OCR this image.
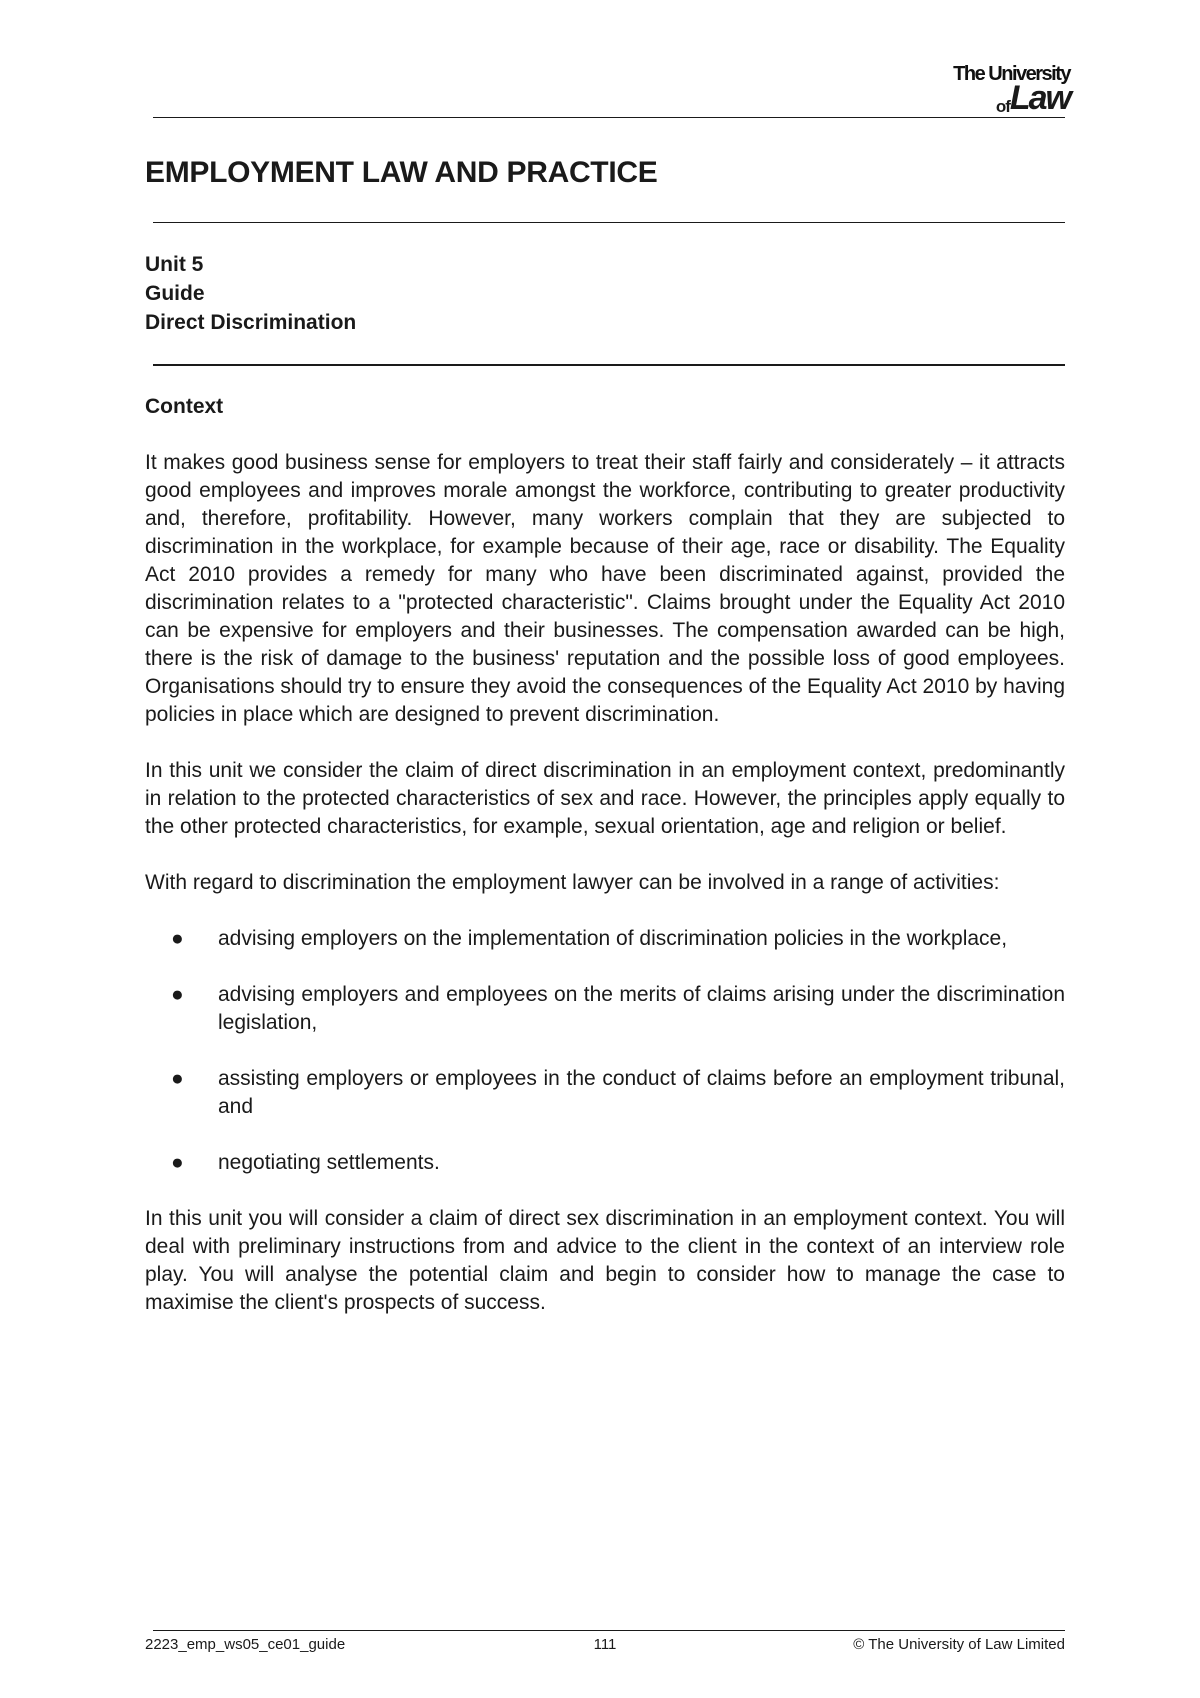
The University
ofLaw
EMPLOYMENT LAW AND PRACTICE
Unit 5
Guide
Direct Discrimination
Context

It makes good business sense for employers to treat their staff fairly and considerately – it attracts good employees and improves morale amongst the workforce, contributing to greater productivity and, therefore, profitability. However, many workers complain that they are subjected to discrimination in the workplace, for example because of their age, race or disability. The Equality Act 2010 provides a remedy for many who have been discriminated against, provided the discrimination relates to a "protected characteristic". Claims brought under the Equality Act 2010 can be expensive for employers and their businesses. The compensation awarded can be high, there is the risk of damage to the business' reputation and the possible loss of good employees. Organisations should try to ensure they avoid the consequences of the Equality Act 2010 by having policies in place which are designed to prevent discrimination.

In this unit we consider the claim of direct discrimination in an employment context, predominantly in relation to the protected characteristics of sex and race. However, the principles apply equally to the other protected characteristics, for example, sexual orientation, age and religion or belief.

With regard to discrimination the employment lawyer can be involved in a range of activities:

● advising employers on the implementation of discrimination policies in the workplace,
● advising employers and employees on the merits of claims arising under the discrimination legislation,
● assisting employers or employees in the conduct of claims before an employment tribunal, and
● negotiating settlements.

In this unit you will consider a claim of direct sex discrimination in an employment context. You will deal with preliminary instructions from and advice to the client in the context of an interview role play. You will analyse the potential claim and begin to consider how to manage the case to maximise the client's prospects of success.

2223_emp_ws05_ce01_guide	111	© The University of Law Limited
